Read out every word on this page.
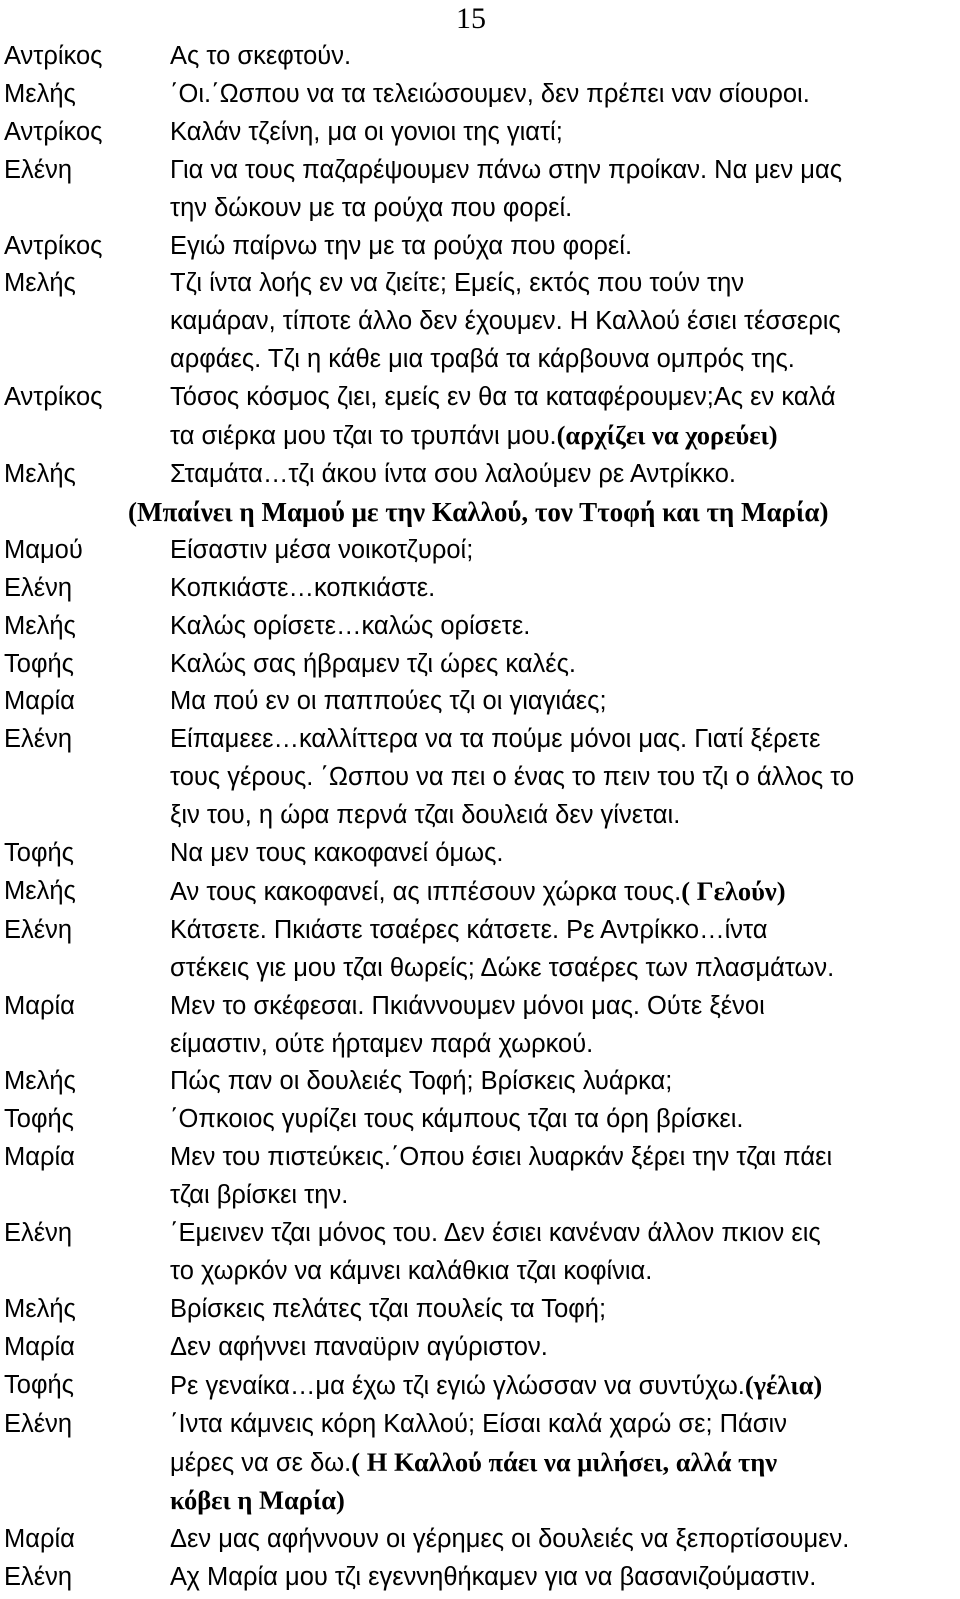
15
Αντρίκος	Ας το σκεφτούν.
Μελής	΄Οι.΄Ωσπου να τα τελειώσουμεν, δεν πρέπει ναν σίουροι.
Αντρίκος	Καλάν τζείνη, μα οι γονιοι της γιατί;
Ελένη	Για να τους παζαρέψουμεν πάνω στην προίκαν. Να μεν μας
την δώκουν με τα ρούχα που φορεί.
Αντρίκος	Εγιώ παίρνω την με τα ρούχα που φορεί.
Μελής	Τζι ίντα λοής εν να ζιείτε; Εμείς, εκτός που τούν την
καμάραν, τίποτε άλλο δεν έχουμεν. Η Καλλού έσιει τέσσερις
αρφάες. Τζι η κάθε μια τραβά τα κάρβουνα ομπρός της.
Αντρίκος	Τόσος κόσμος ζιει, εμείς εν θα τα καταφέρουμεν;Ας εν καλά
τα σιέρκα μου τζαι το τρυπάνι μου.(αρχίζει να χορεύει)
Μελής	Σταμάτα…τζι άκου ίντα σου λαλούμεν ρε Αντρίκκο.
(Μπαίνει η Μαμού με την Καλλού, τον Ττοφή και τη Μαρία)
Μαμού	Είσαστιν μέσα νοικοτζυροί;
Ελένη	Κοπκιάστε…κοπκιάστε.
Μελής	Καλώς ορίσετε…καλώς ορίσετε.
Τοφής	Καλώς σας ήβραμεν τζι ώρες καλές.
Μαρία	Μα πού εν οι παππούες τζι οι γιαγιάες;
Ελένη	Είπαμεεε…καλλίττερα να τα πούμε μόνοι μας. Γιατί ξέρετε
τους γέρους. ΄Ωσπου να πει ο ένας το πειν του τζι ο άλλος το
ξιν του, η ώρα περνά τζαι δουλειά δεν γίνεται.
Τοφής	Να μεν τους κακοφανεί όμως.
Μελής	Αν τους κακοφανεί, ας ιππέσουν χώρκα τους.( Γελούν)
Ελένη	Κάτσετε. Πκιάστε τσαέρες κάτσετε. Ρε Αντρίκκο…ίντα
στέκεις γιε μου τζαι θωρείς; Δώκε τσαέρες των πλασμάτων.
Μαρία	Μεν το σκέφεσαι. Πκιάννουμεν μόνοι μας. Ούτε ξένοι
είμαστιν, ούτε ήρταμεν παρά χωρκού.
Μελής	Πώς παν οι δουλειές Τοφή; Βρίσκεις λυάρκα;
Τοφής	΄Οπκοιος γυρίζει τους κάμπους τζαι τα όρη βρίσκει.
Μαρία	Μεν του πιστεύκεις.΄Οπου έσιει λυαρκάν ξέρει την τζαι πάει
τζαι βρίσκει την.
Ελένη	΄Εμεινεν τζαι μόνος του. Δεν έσιει κανέναν άλλον πκιον εις
το χωρκόν να κάμνει καλάθκια τζαι κοφίνια.
Μελής	Βρίσκεις πελάτες τζαι πουλείς τα Τοφή;
Μαρία	Δεν αφήννει παναϋριν αγύριστον.
Τοφής	Ρε γεναίκα…μα έχω τζι εγιώ γλώσσαν να συντύχω.(γέλια)
Ελένη	΄Ιντα κάμνεις κόρη Καλλού; Είσαι καλά χαρώ σε; Πάσιν
μέρες να σε δω.( Η Καλλού πάει να μιλήσει, αλλά την
κόβει η Μαρία)
Μαρία	Δεν μας αφήννουν οι γέρημες οι δουλειές να ξεπορτίσουμεν.
Ελένη	Αχ Μαρία μου τζι εγεννηθήκαμεν για να βασανιζούμαστιν.
